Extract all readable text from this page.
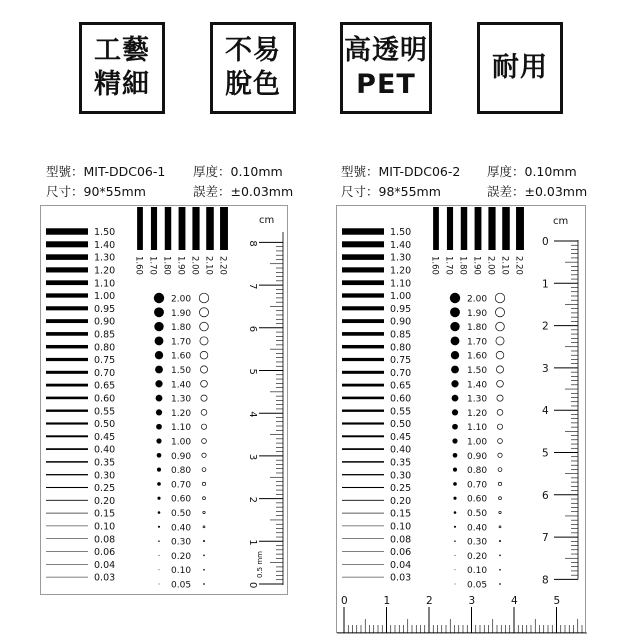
工藝
精細
不易
脫色
高透明
PET
耐用
型號：MIT-DDC06-1 厚度：0.10mm
尺寸：90*55mm	誤差：±0.03mm
型號：MIT-DDC06-2 厚度：0.10mm
尺寸：98*55mm	誤差：±0.03mm
1.50
1.40
1.30
1.20
1.10
1.00
0.95
0.90
0.85
0.80
0.75
0.70
0.65
0.60
0.55
0.50
0.45
0.40
0.35
0.30
0.25
0.20
0.15
0.10
0.08
0.06
0.04
0.03
1.60 1.70 1.80 1.90 2.00 2.10 2.20
2.00
1.90
1.80
1.70
1.60
1.50
1.40
1.30
1.20
1.10
1.00
0.90
0.80
0.70
0.60
0.50
0.40
0.30
0.20
0.10
0.05
cm
8
7
6
5
4
3
2
1
0
0.5 mm
1.50
1.40
1.30
1.20
1.10
1.00
0.95
0.90
0.85
0.80
0.75
0.70
0.65
0.60
0.55
0.50
0.45
0.40
0.35
0.30
0.25
0.20
0.15
0.10
0.08
0.06
0.04
0.03
1.60 1.70 1.80 1.90 2.00 2.10 2.20
2.00
1.90
1.80
1.70
1.60
1.50
1.40
1.30
1.20
1.10
1.00
0.90
0.80
0.70
0.60
0.50
0.40
0.30
0.20
0.10
0.05
cm
0
1
2
3
4
5
6
7
8
0	1	2	3	4	5
